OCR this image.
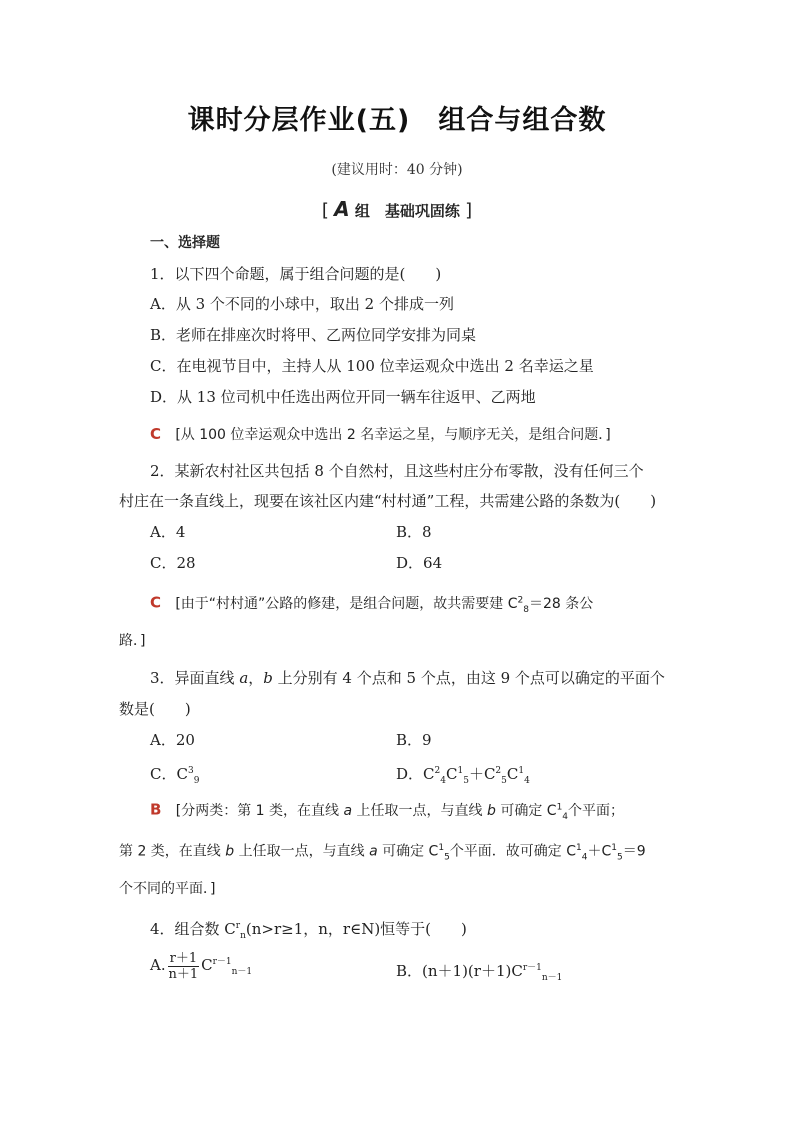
课时分层作业(五)　组合与组合数
(建议用时：40 分钟)
[ A 组　基础巩固练 ]
一、选择题
1．以下四个命题，属于组合问题的是(　　)
A．从 3 个不同的小球中，取出 2 个排成一列
B．老师在排座次时将甲、乙两位同学安排为同桌
C．在电视节目中，主持人从 100 位幸运观众中选出 2 名幸运之星
D．从 13 位司机中任选出两位开同一辆车往返甲、乙两地
C [从 100 位幸运观众中选出 2 名幸运之星，与顺序无关，是组合问题．]
2．某新农村社区共包括 8 个自然村，且这些村庄分布零散，没有任何三个
村庄在一条直线上，现要在该社区内建“村村通”工程，共需建公路的条数为(　　)
A．4	B．8
C．28	D．64
C [由于“村村通”公路的修建，是组合问题，故共需要建 $C^2_8=28$ 条公
路．]
3．异面直线 a，b 上分别有 4 个点和 5 个点，由这 9 个点可以确定的平面个
数是(　　)
A．20	B．9
C．$C^3_9$	D．$C^2_4C^1_5+C^2_5C^1_4$
B [分两类：第 1 类，在直线 a 上任取一点，与直线 b 可确定 $C^1_4$个平面；
第 2 类，在直线 b 上任取一点，与直线 a 可确定 $C^1_5$个平面．故可确定 $C^1_4+C^1_5=9$
个不同的平面．]
4．组合数 $C^r_n(n>r\ge 1$，n，r∈N)恒等于(　　)
A. $\frac{r+1}{n+1} C^{r-1}_{n-1}$	B．$(n+1)(r+1)C^{r-1}_{n-1}$
